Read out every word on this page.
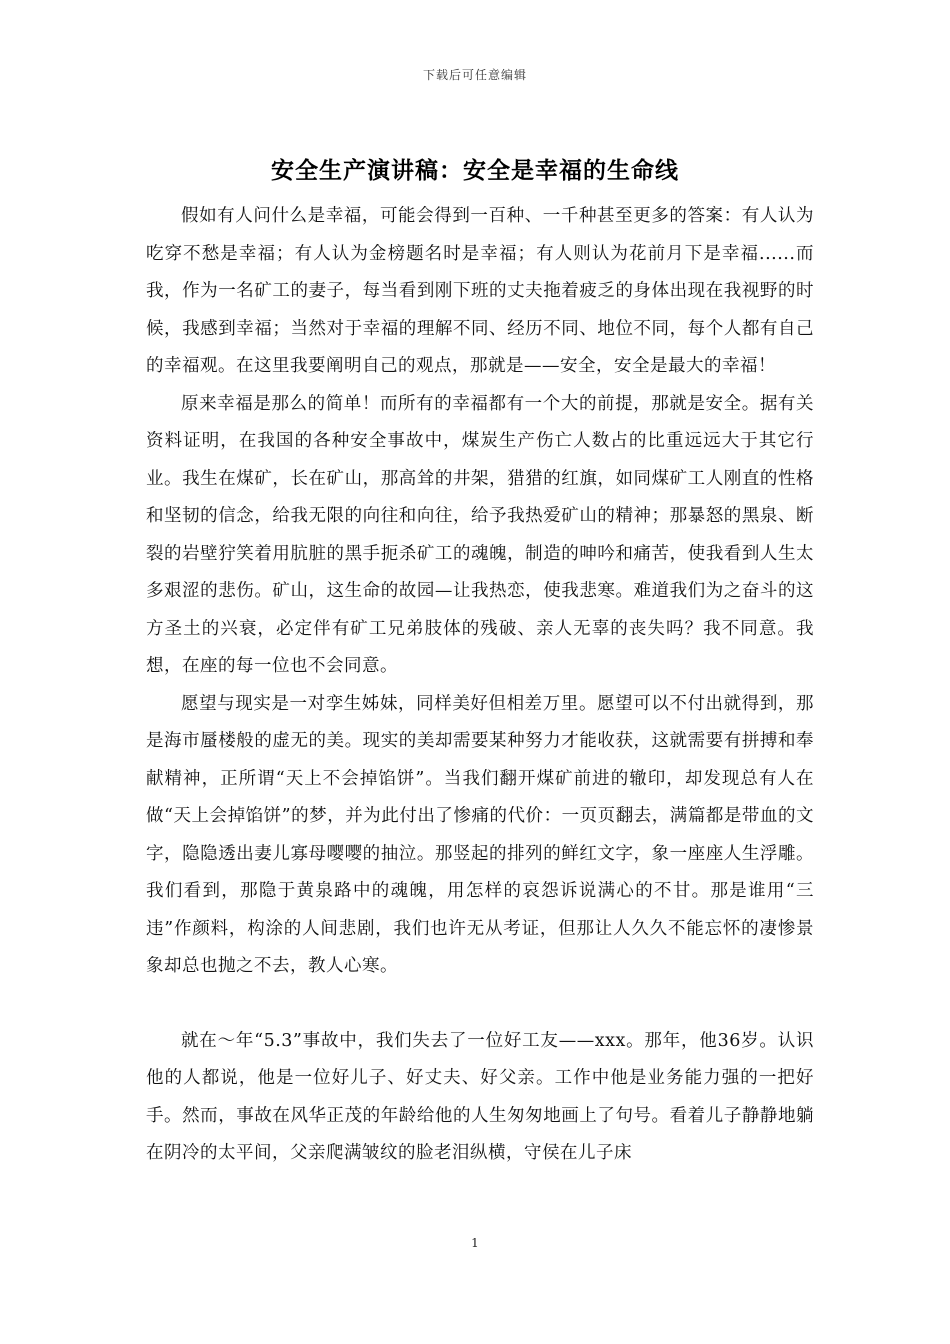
下载后可任意编辑
安全生产演讲稿：安全是幸福的生命线

假如有人问什么是幸福，可能会得到一百种、一千种甚至更多的答案：有人认为吃穿不愁是幸福；有人认为金榜题名时是幸福；有人则认为花前月下是幸福......而我，作为一名矿工的妻子，每当看到刚下班的丈夫拖着疲乏的身体出现在我视野的时候，我感到幸福；当然对于幸福的理解不同、经历不同、地位不同，每个人都有自己的幸福观。在这里我要阐明自己的观点，那就是——安全，安全是最大的幸福！

原来幸福是那么的简单！而所有的幸福都有一个大的前提，那就是安全。据有关资料证明，在我国的各种安全事故中，煤炭生产伤亡人数占的比重远远大于其它行业。我生在煤矿，长在矿山，那高耸的井架，猎猎的红旗，如同煤矿工人刚直的性格和坚韧的信念，给我无限的向往和向往，给予我热爱矿山的精神；那暴怒的黑泉、断裂的岩壁狞笑着用肮脏的黑手扼杀矿工的魂魄，制造的呻吟和痛苦，使我看到人生太多艰涩的悲伤。矿山，这生命的故园—让我热恋，使我悲寒。难道我们为之奋斗的这方圣土的兴衰，必定伴有矿工兄弟肢体的残破、亲人无辜的丧失吗？我不同意。我想，在座的每一位也不会同意。

愿望与现实是一对孪生姊妹，同样美好但相差万里。愿望可以不付出就得到，那是海市蜃楼般的虚无的美。现实的美却需要某种努力才能收获，这就需要有拼搏和奉献精神，正所谓“天上不会掉馅饼”。当我们翻开煤矿前进的辙印，却发现总有人在做“天上会掉馅饼”的梦，并为此付出了惨痛的代价：一页页翻去，满篇都是带血的文字，隐隐透出妻儿寡母嘤嘤的抽泣。那竖起的排列的鲜红文字，象一座座人生浮雕。我们看到，那隐于黄泉路中的魂魄，用怎样的哀怨诉说满心的不甘。那是谁用“三违”作颜料，构涂的人间悲剧，我们也许无从考证，但那让人久久不能忘怀的凄惨景象却总也抛之不去，教人心寒。

就在～年“5.3”事故中，我们失去了一位好工友——xxx。那年，他36岁。认识他的人都说，他是一位好儿子、好丈夫、好父亲。工作中他是业务能力强的一把好手。然而，事故在风华正茂的年龄给他的人生匆匆地画上了句号。看着儿子静静地躺在阴冷的太平间，父亲爬满皱纹的脸老泪纵横，守侯在儿子床

1
